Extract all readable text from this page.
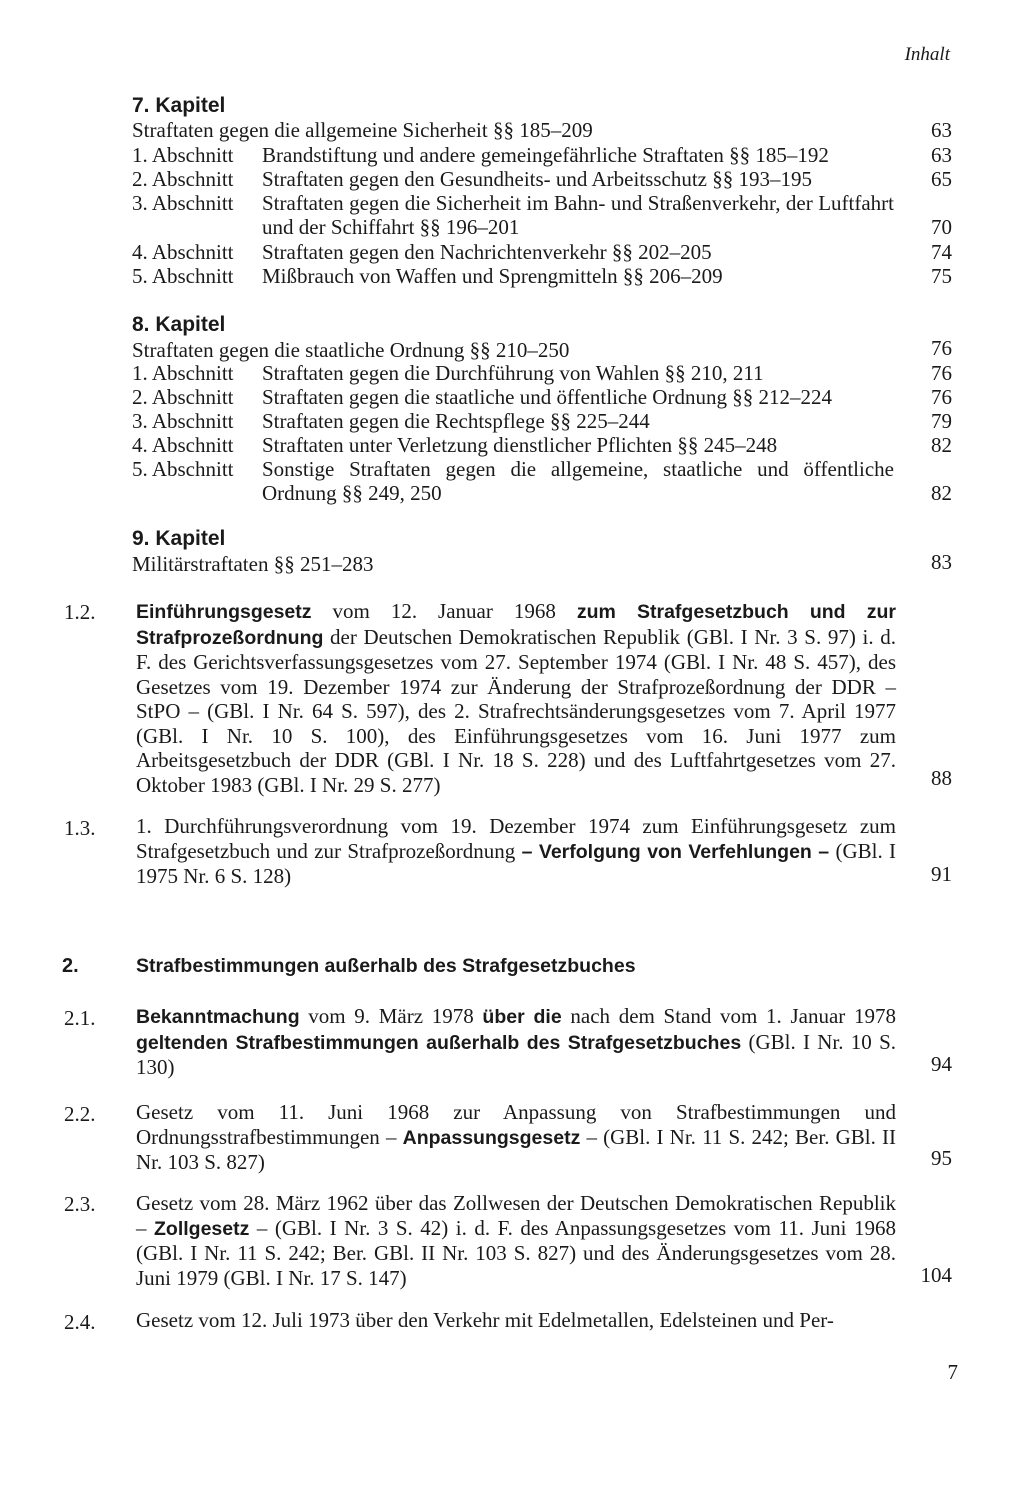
Inhalt
7. Kapitel
Straftaten gegen die allgemeine Sicherheit §§ 185–209	63
1. Abschnitt Brandstiftung und andere gemeingefährliche Straftaten §§ 185–192	63
2. Abschnitt Straftaten gegen den Gesundheits- und Arbeitsschutz §§ 193–195	65
3. Abschnitt Straftaten gegen die Sicherheit im Bahn- und Straßenverkehr, der Luftfahrt und der Schiffahrt §§ 196–201	70
4. Abschnitt Straftaten gegen den Nachrichtenverkehr §§ 202–205	74
5. Abschnitt Mißbrauch von Waffen und Sprengmitteln §§ 206–209	75
8. Kapitel
Straftaten gegen die staatliche Ordnung §§ 210–250	76
1. Abschnitt Straftaten gegen die Durchführung von Wahlen §§ 210, 211	76
2. Abschnitt Straftaten gegen die staatliche und öffentliche Ordnung §§ 212–224	76
3. Abschnitt Straftaten gegen die Rechtspflege §§ 225–244	79
4. Abschnitt Straftaten unter Verletzung dienstlicher Pflichten §§ 245–248	82
5. Abschnitt Sonstige Straftaten gegen die allgemeine, staatliche und öffentliche Ordnung §§ 249, 250	82
9. Kapitel
Militärstraftaten §§ 251–283	83
1.2. Einführungsgesetz vom 12. Januar 1968 zum Strafgesetzbuch und zur Strafprozeßordnung der Deutschen Demokratischen Republik (GBl. I Nr. 3 S. 97) i. d. F. des Gerichtsverfassungsgesetzes vom 27. September 1974 (GBl. I Nr. 48 S. 457), des Gesetzes vom 19. Dezember 1974 zur Änderung der Strafprozeßordnung der DDR – StPO – (GBl. I Nr. 64 S. 597), des 2. Strafrechtsänderungsgesetzes vom 7. April 1977 (GBl. I Nr. 10 S. 100), des Einführungsgesetzes vom 16. Juni 1977 zum Arbeitsgesetzbuch der DDR (GBl. I Nr. 18 S. 228) und des Luftfahrtgesetzes vom 27. Oktober 1983 (GBl. I Nr. 29 S. 277)	88
1.3. 1. Durchführungsverordnung vom 19. Dezember 1974 zum Einführungsgesetz zum Strafgesetzbuch und zur Strafprozeßordnung – Verfolgung von Verfehlungen – (GBl. I 1975 Nr. 6 S. 128)	91
2.	Strafbestimmungen außerhalb des Strafgesetzbuches
2.1. Bekanntmachung vom 9. März 1978 über die nach dem Stand vom 1. Januar 1978 geltenden Strafbestimmungen außerhalb des Strafgesetzbuches (GBl. I Nr. 10 S. 130)	94
2.2. Gesetz vom 11. Juni 1968 zur Anpassung von Strafbestimmungen und Ordnungsstrafbestimmungen – Anpassungsgesetz – (GBl. I Nr. 11 S. 242; Ber. GBl. II Nr. 103 S. 827)	95
2.3. Gesetz vom 28. März 1962 über das Zollwesen der Deutschen Demokratischen Republik – Zollgesetz – (GBl. I Nr. 3 S. 42) i. d. F. des Anpassungsgesetzes vom 11. Juni 1968 (GBl. I Nr. 11 S. 242; Ber. GBl. II Nr. 103 S. 827) und des Änderungsgesetzes vom 28. Juni 1979 (GBl. I Nr. 17 S. 147)	104
2.4. Gesetz vom 12. Juli 1973 über den Verkehr mit Edelmetallen, Edelsteinen und Per-
7
